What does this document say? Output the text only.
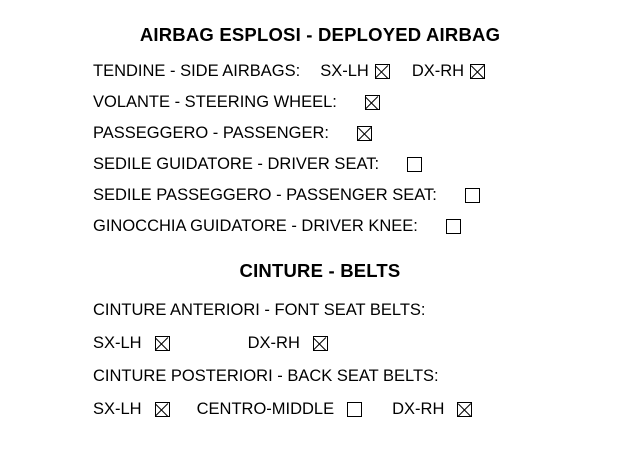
AIRBAG ESPLOSI - DEPLOYED AIRBAG
TENDINE - SIDE AIRBAGS: SX-LH	DX-RH
VOLANTE - STEERING WHEEL:
PASSEGGERO - PASSENGER:
SEDILE GUIDATORE - DRIVER SEAT:
SEDILE PASSEGGERO - PASSENGER SEAT:
GINOCCHIA GUIDATORE - DRIVER KNEE:
CINTURE - BELTS
CINTURE ANTERIORI - FONT SEAT BELTS:
SX-LH	DX-RH
CINTURE POSTERIORI - BACK SEAT BELTS:
SX-LH	CENTRO-MIDDLE	DX-RH
